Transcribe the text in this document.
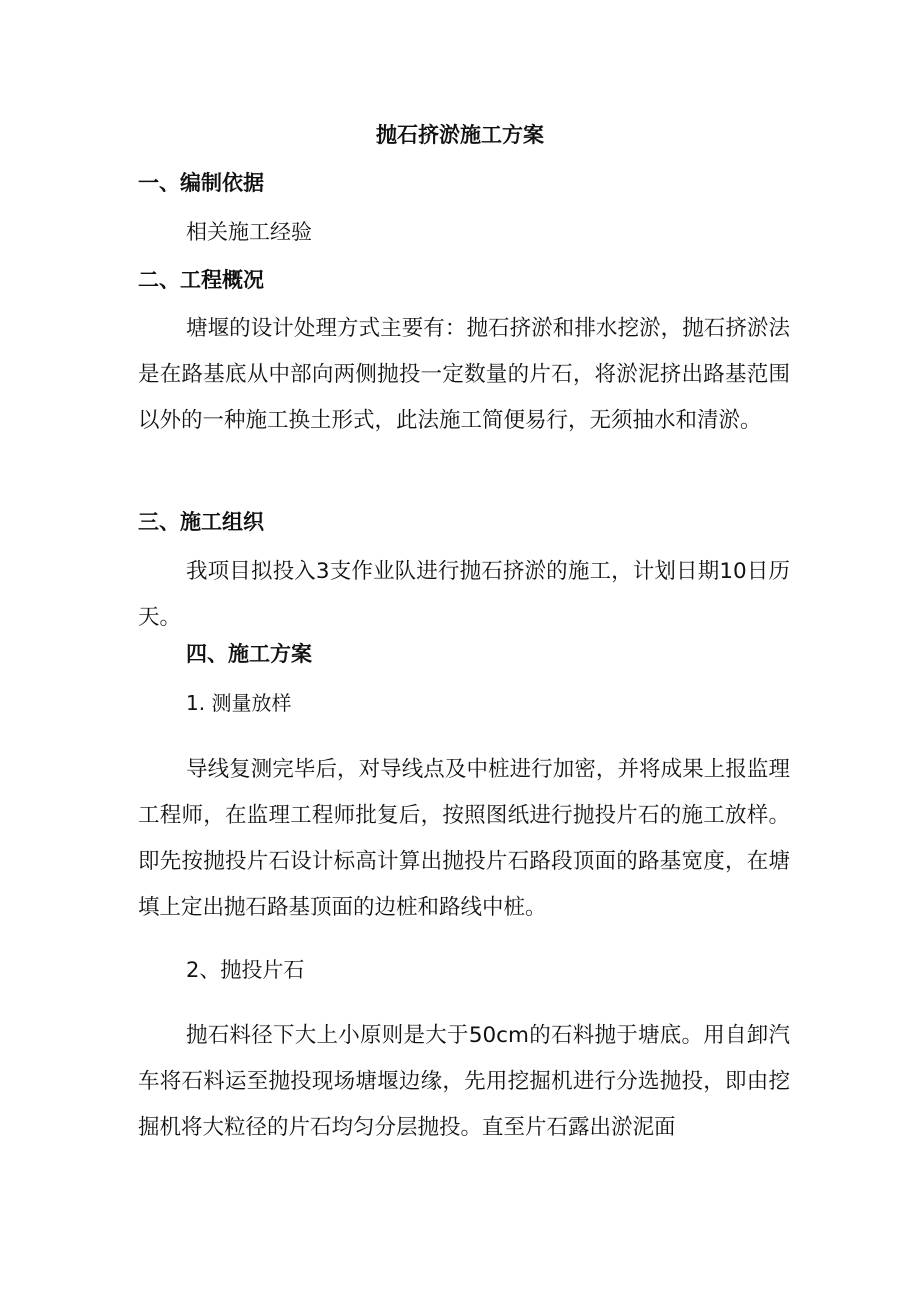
抛石挤淤施工方案
一、编制依据
相关施工经验
二、工程概况

塘堰的设计处理方式主要有：抛石挤淤和排水挖淤，抛石挤淤法是在路基底从中部向两侧抛投一定数量的片石，将淤泥挤出路基范围以外的一种施工换土形式，此法施工简便易行，无须抽水和清淤。

三、施工组织

我项目拟投入3支作业队进行抛石挤淤的施工，计划日期10日历天。

四、施工方案
1. 测量放样

导线复测完毕后，对导线点及中桩进行加密，并将成果上报监理工程师，在监理工程师批复后，按照图纸进行抛投片石的施工放样。即先按抛投片石设计标高计算出抛投片石路段顶面的路基宽度，在塘填上定出抛石路基顶面的边桩和路线中桩。

2、抛投片石

抛石料径下大上小原则是大于50cm的石料抛于塘底。用自卸汽车将石料运至抛投现场塘堰边缘，先用挖掘机进行分选抛投，即由挖掘机将大粒径的片石均匀分层抛投。直至片石露出淤泥面
